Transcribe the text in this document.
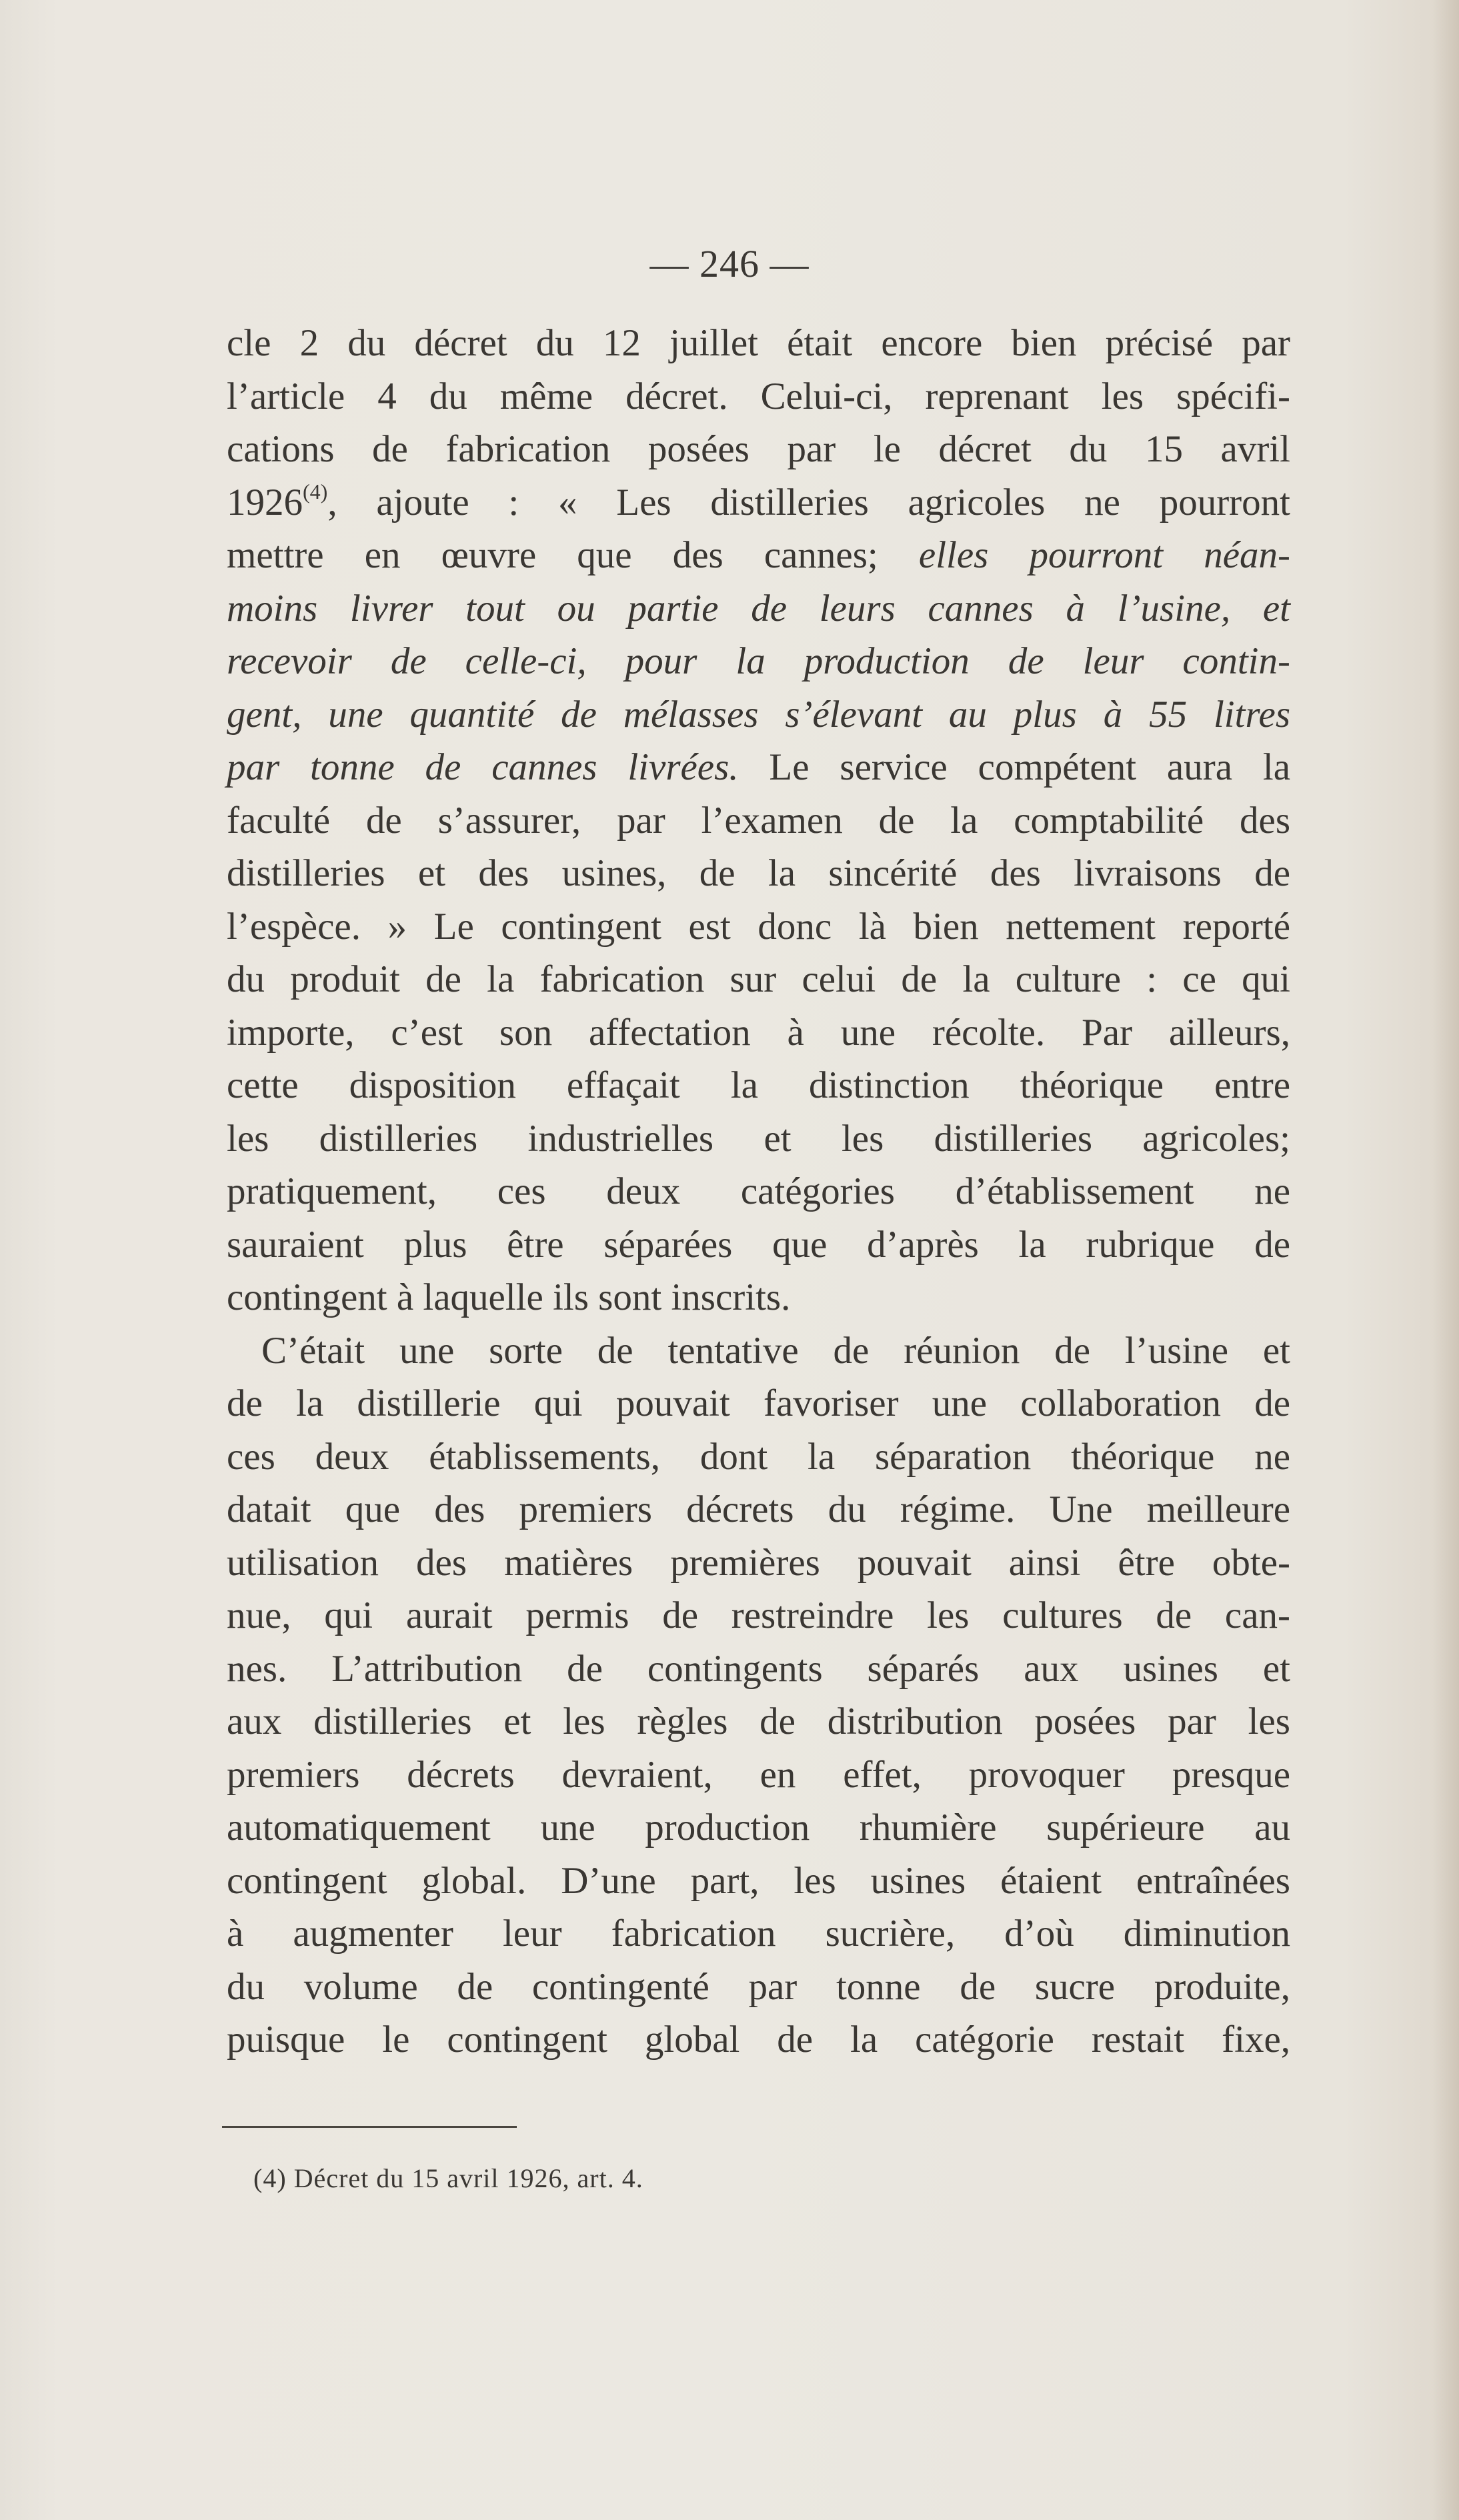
— 246 —
cle 2 du décret du 12 juillet était encore bien précisé par
l’article 4 du même décret. Celui-ci, reprenant les spécifi-
cations de fabrication posées par le décret du 15 avril
1926$^{(4)}$, ajoute : « Les distilleries agricoles ne pourront
mettre en œuvre que des cannes; elles pourront néan-
moins livrer tout ou partie de leurs cannes à l’usine, et
recevoir de celle-ci, pour la production de leur contin-
gent, une quantité de mélasses s’élevant au plus à 55 litres
par tonne de cannes livrées. Le service compétent aura la
faculté de s’assurer, par l’examen de la comptabilité des
distilleries et des usines, de la sincérité des livraisons de
l’espèce. » Le contingent est donc là bien nettement reporté
du produit de la fabrication sur celui de la culture : ce qui
importe, c’est son affectation à une récolte. Par ailleurs,
cette disposition effaçait la distinction théorique entre
les distilleries industrielles et les distilleries agricoles;
pratiquement, ces deux catégories d’établissement ne
sauraient plus être séparées que d’après la rubrique de
contingent à laquelle ils sont inscrits.
C’était une sorte de tentative de réunion de l’usine et
de la distillerie qui pouvait favoriser une collaboration de
ces deux établissements, dont la séparation théorique ne
datait que des premiers décrets du régime. Une meilleure
utilisation des matières premières pouvait ainsi être obte-
nue, qui aurait permis de restreindre les cultures de can-
nes. L’attribution de contingents séparés aux usines et
aux distilleries et les règles de distribution posées par les
premiers décrets devraient, en effet, provoquer presque
automatiquement une production rhumière supérieure au
contingent global. D’une part, les usines étaient entraînées
à augmenter leur fabrication sucrière, d’où diminution
du volume de contingenté par tonne de sucre produite,
puisque le contingent global de la catégorie restait fixe,
(4) Décret du 15 avril 1926, art. 4.
